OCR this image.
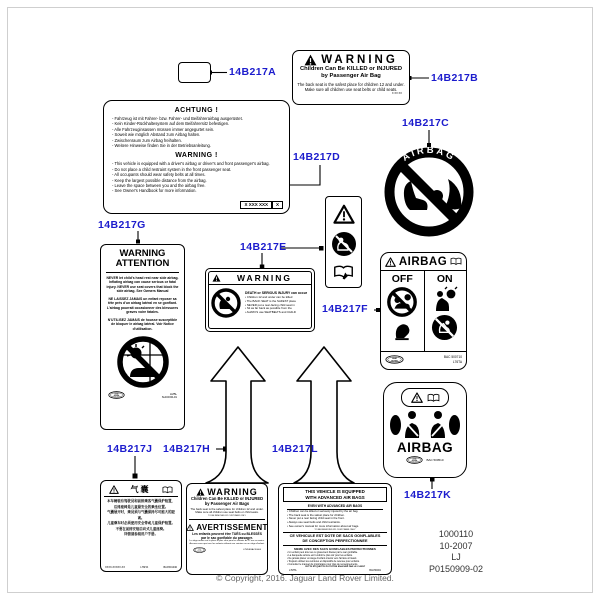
WARNING
Children Can Be KILLED or INJURED
by Passenger Air Bag
The back seat is the safest place for children 12 and under.
Make sure all children use seat belts or child seats.
X XX XX
ACHTUNG !
- Fahrzeug ist mit Fahrer- bzw. Fahrer- und Beifahrerairbag ausgerüstet.
- Kein Kinder-Rückhaltesystem auf dem Beifahrersitz befestigen.
- Alle Fahrzeuginsassen müssen immer angegurtet sein.
- Soweit wie möglich Abstand zum Airbag halten.
- Zwischenraum zum Airbag freihalten.
- Weitere Hinweise finden Sie in der Betriebsanleitung.
WARNING !
- This vehicle is equipped with a driver's airbag or driver's and front passenger's airbag.
- Do not place a child restraint system in the front passenger seat.
- All occupants should wear safety belts at all times.
- Keep the largest possible distance from the airbag.
- Leave the space between you and the airbag free.
- See Owner's Handbook for more information.
X XXX XXX	X
AIRBAG
WARNING
DEATH or SERIOUS INJURY can occur
• Children 12 and under can be killed
• The BACK SEAT is the SAFEST place
• NEVER put a rear-facing child seat in
• Sit as far back as possible from the
• ALWAYS use SEATBELTS and CHILD
AIRBAG
OFF ON
BAC 500710
L76TA
AIRBAG
BAC 500510
WARNING
ATTENTION
NEVER let child's head rest near side airbag. Inflating airbag can cause serious or fatal injury. NEVER use seat covers that block the side airbag. See Owners Manual
NE LAISSEZ JAMAIS un enfant reposer sa tête près d'un airbag latéral en se gonflant. L'airbag pourrait occasionner des blessures graves voire fatales.
N'UTILISEZ JAMAIS de housse susceptible de bloquer le airbag latéral. Voir Notice d'utilisation.
LM5L
SHC000L01
气囊
本车辆装有驾驶员和前排乘客气囊保护装置，
后排座椅是儿童最安全的乘坐位置。
气囊展开时，乘员须与气囊保持尽可能大的距离。
儿童乘车时必须使用安全带或儿童保护装置。
不要在前排安装后向式儿童座椅。
详情请参阅用户手册。
XXXX-XXXXX-XX	L7MTA	BAC501040
WARNING
Children Can Be KILLED or INJURED
by Passenger Air Bags
The back seat is the safest place for children 12 and under.
Make sure all children use seat belts or child seats.
TO BE REMOVED BY CUSTOMER ONLY
AVERTISSEMENT
Les enfants peuvent être TUÉS ou BLESSÉS
par le sac gonflable du passager.
Le siège arrière est la place la plus sûre pour les enfants de 12 ans ou moins.
Assurez-vous que tous les enfants utilisent une ceinture ou un siège d'enfant.
L7MTA BAC50004
THIS VEHICLE IS EQUIPPED
WITH ADVANCED AIR BAGS
EVEN WITH ADVANCED AIR BAGS
• Children can be killed or seriously injured by the air bag.
• The back seat is the safest place for children.
• Never put a rear facing child seat in the front.
• Always use seat belts and child restraints.
• See owner's manual for more information about air bags.
TO BE REMOVED BY CUSTOMER ONLY
CE VEHICULE EST DOTE DE SACS GONFLABLES
DE CONCEPTION PERFECTIONNEE
MEME AVEC DES SACS GONFLABLES PERFECTIONNES
• Un enfant peut être tué ou gravement blessé par le sac gonflable.
• La banquette arrière est l'endroit le plus sûr pour les enfants.
• Ne jamais placer un siège d'enfant orienté vers l'arrière à l'avant.
• Toujours utiliser les ceintures et dispositifs de retenue pour enfants.
• Consulter le manuel du propriétaire pour plus de renseignements.
CETTE ETIQUETTE DOIT ETRE ENLEVEE PAR LE CLIENT
L7MTA	BAC50001
14B217A	14B217B
14B217C
14B217D
14B217E
14B217F
14B217G
14B217H
14B217J
14B217K
14B217L
1000110
10-2007
LJ
P0150909-02
© Copyright, 2016. Jaguar Land Rover Limited.
